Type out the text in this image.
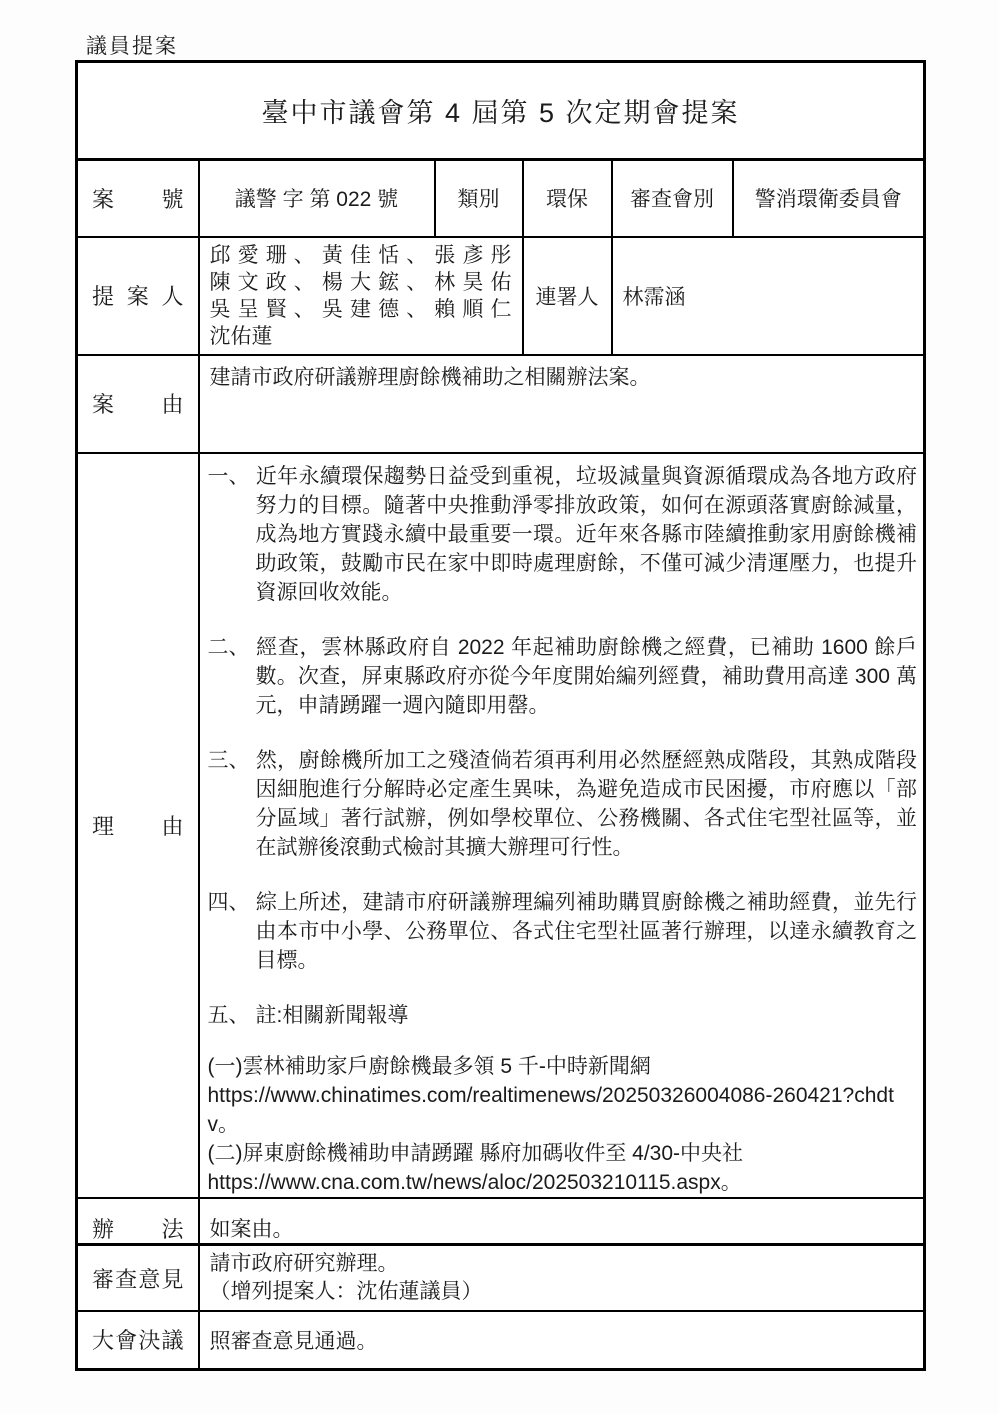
議員提案
臺中市議會第 4 屆第 5 次定期會提案					
案號	議警 字 第 022 號	類別	環保	審查會別	警消環衛委員會
提案人	邱愛珊、黃佳恬、張彥彤
陳文政、楊大鋐、林昊佑
吳呈賢、吳建德、賴順仁
沈佑蓮		連署人	林霈涵	
案由	建請市政府研議辦理廚餘機補助之相關辦法案。				
理由	

一、 近年永續環保趨勢日益受到重視，垃圾減量與資源循環成為各地方政府努力的目標。隨著中央推動淨零排放政策，如何在源頭落實廚餘減量，成為地方實踐永續中最重要一環。近年來各縣市陸續推動家用廚餘機補助政策，鼓勵市民在家中即時處理廚餘，不僅可減少清運壓力，也提升資源回收效能。

二、 經查，雲林縣政府自 2022 年起補助廚餘機之經費，已補助 1600 餘戶數。次查，屏東縣政府亦從今年度開始編列經費，補助費用高達 300 萬元，申請踴躍一週內隨即用罄。

三、 然，廚餘機所加工之殘渣倘若須再利用必然歷經熟成階段，其熟成階段因細胞進行分解時必定產生異味，為避免造成市民困擾，市府應以「部分區域」著行試辦，例如學校單位、公務機關、各式住宅型社區等，並在試辦後滾動式檢討其擴大辦理可行性。

四、 綜上所述，建請市府研議辦理編列補助購買廚餘機之補助經費，並先行由本市中小學、公務單位、各式住宅型社區著行辦理，以達永續教育之目標。

五、 註:相關新聞報導

(一)雲林補助家戶廚餘機最多領 5 千-中時新聞網
https://www.chinatimes.com/realtimenews/20250326004086-260421?chdtv。
(二)屏東廚餘機補助申請踴躍 縣府加碼收件至 4/30-中央社
https://www.cna.com.tw/news/aloc/202503210115.aspx。

辦法	如案由。				
審查意見	請市政府研究辦理。
（增列提案人：沈佑蓮議員）

大會決議	照審查意見通過。
